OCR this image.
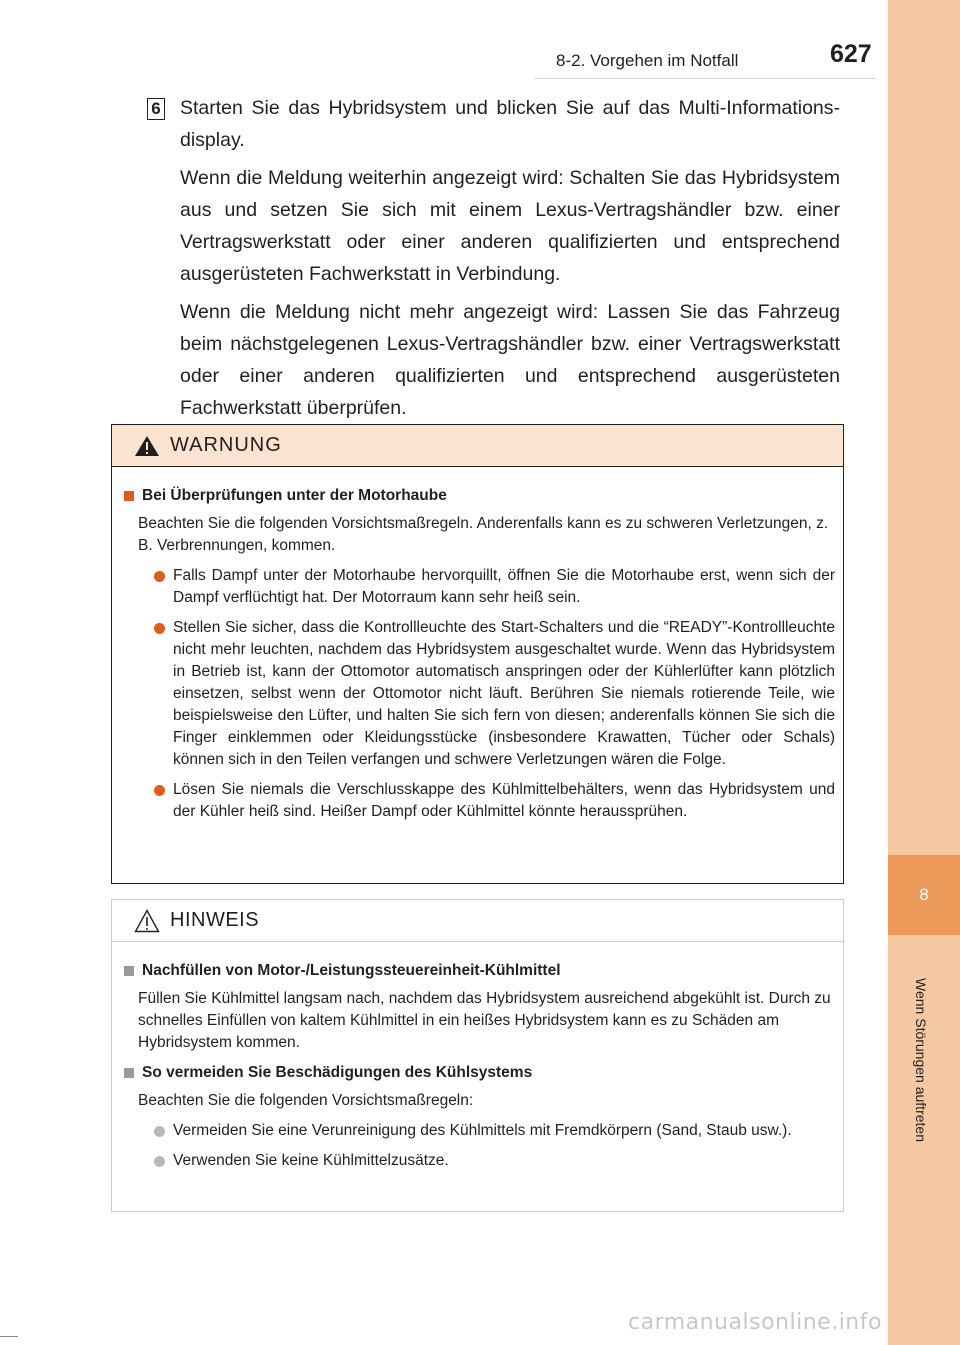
8
Wenn Störungen auftreten
8-2. Vorgehen im Notfall	627
6 Starten Sie das Hybridsystem und blicken Sie auf das Multi-Informations-display.

Wenn die Meldung weiterhin angezeigt wird: Schalten Sie das Hybridsystem aus und setzen Sie sich mit einem Lexus-Vertragshändler bzw. einer Vertragswerkstatt oder einer anderen qualifizierten und entsprechend ausgerüsteten Fachwerkstatt in Verbindung.

Wenn die Meldung nicht mehr angezeigt wird: Lassen Sie das Fahrzeug beim nächstgelegenen Lexus-Vertragshändler bzw. einer Vertragswerkstatt oder einer anderen qualifizierten und entsprechend ausgerüsteten Fachwerkstatt überprüfen.

WARNUNG
Bei Überprüfungen unter der Motorhaube
Beachten Sie die folgenden Vorsichtsmaßregeln. Anderenfalls kann es zu schweren Verletzungen, z. B. Verbrennungen, kommen.
Falls Dampf unter der Motorhaube hervorquillt, öffnen Sie die Motorhaube erst, wenn sich der Dampf verflüchtigt hat. Der Motorraum kann sehr heiß sein.
Stellen Sie sicher, dass die Kontrollleuchte des Start-Schalters und die “READY”-Kontrollleuchte nicht mehr leuchten, nachdem das Hybridsystem ausgeschaltet wurde. Wenn das Hybridsystem in Betrieb ist, kann der Ottomotor automatisch anspringen oder der Kühlerlüfter kann plötzlich einsetzen, selbst wenn der Ottomotor nicht läuft. Berühren Sie niemals rotierende Teile, wie beispielsweise den Lüfter, und halten Sie sich fern von diesen; anderenfalls können Sie sich die Finger einklemmen oder Kleidungsstücke (insbesondere Krawatten, Tücher oder Schals) können sich in den Teilen verfangen und schwere Verletzungen wären die Folge.
Lösen Sie niemals die Verschlusskappe des Kühlmittelbehälters, wenn das Hybridsystem und der Kühler heiß sind. Heißer Dampf oder Kühlmittel könnte heraussprühen.
HINWEIS
Nachfüllen von Motor-/Leistungssteuereinheit-Kühlmittel
Füllen Sie Kühlmittel langsam nach, nachdem das Hybridsystem ausreichend abgekühlt ist. Durch zu schnelles Einfüllen von kaltem Kühlmittel in ein heißes Hybridsystem kann es zu Schäden am Hybridsystem kommen.
So vermeiden Sie Beschädigungen des Kühlsystems
Beachten Sie die folgenden Vorsichtsmaßregeln:
Vermeiden Sie eine Verunreinigung des Kühlmittels mit Fremdkörpern (Sand, Staub usw.).
Verwenden Sie keine Kühlmittelzusätze.
carmanualsonline.info
